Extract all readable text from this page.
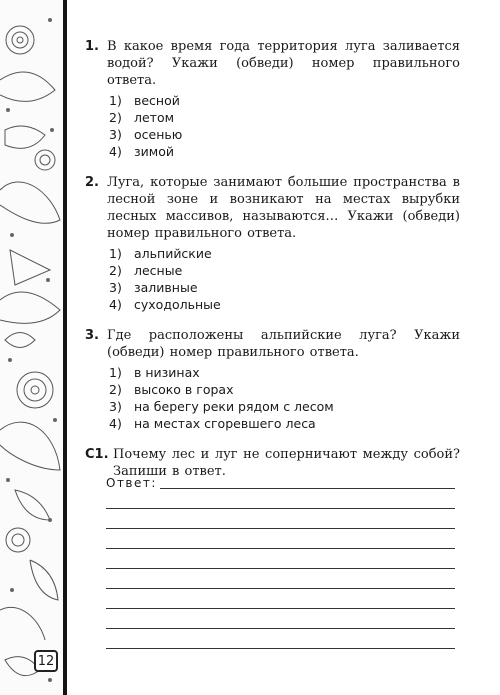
12
1. В какое время года территория луга заливается водой? Укажи (обведи) номер правильного ответа.
1) весной
2) летом
3) осенью
4) зимой
2. Луга, которые занимают большие пространства в лесной зоне и возникают на местах вырубки лесных массивов, называются… Укажи (обведи) номер правильного ответа.
1) альпийские
2) лесные
3) заливные
4) суходольные
3. Где расположены альпийские луга? Укажи (обведи) номер правильного ответа.
1) в низинах
2) высоко в горах
3) на берегу реки рядом с лесом
4) на местах сгоревшего леса
C1. Почему лес и луг не соперничают между собой? Запиши в ответ.
Ответ:
